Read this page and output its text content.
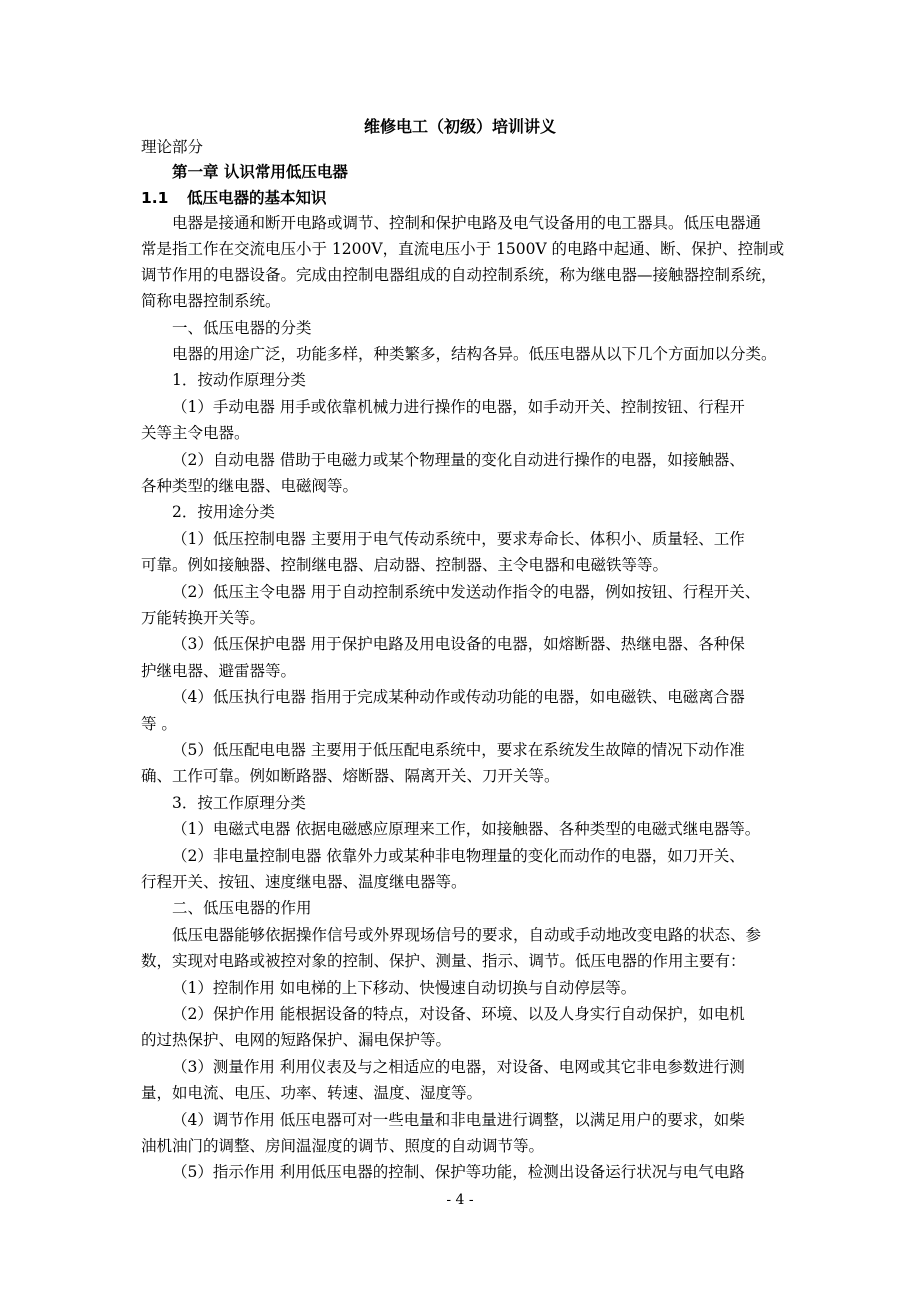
维修电工（初级）培训讲义
理论部分
第一章 认识常用低压电器
1.1 低压电器的基本知识
电器是接通和断开电路或调节、控制和保护电路及电气设备用的电工器具。低压电器通
常是指工作在交流电压小于 1200V，直流电压小于 1500V 的电路中起通、断、保护、控制或
调节作用的电器设备。完成由控制电器组成的自动控制系统，称为继电器—接触器控制系统，
简称电器控制系统。
一、低压电器的分类
电器的用途广泛，功能多样，种类繁多，结构各异。低压电器从以下几个方面加以分类。
1．按动作原理分类
（1）手动电器 用手或依靠机械力进行操作的电器，如手动开关、控制按钮、行程开
关等主令电器。
（2）自动电器 借助于电磁力或某个物理量的变化自动进行操作的电器，如接触器、
各种类型的继电器、电磁阀等。
2．按用途分类
（1）低压控制电器 主要用于电气传动系统中，要求寿命长、体积小、质量轻、工作
可靠。例如接触器、控制继电器、启动器、控制器、主令电器和电磁铁等等。
（2）低压主令电器 用于自动控制系统中发送动作指令的电器，例如按钮、行程开关、
万能转换开关等。
（3）低压保护电器 用于保护电路及用电设备的电器，如熔断器、热继电器、各种保
护继电器、避雷器等。
（4）低压执行电器 指用于完成某种动作或传动功能的电器，如电磁铁、电磁离合器
等 。
（5）低压配电电器 主要用于低压配电系统中，要求在系统发生故障的情况下动作准
确、工作可靠。例如断路器、熔断器、隔离开关、刀开关等。
3．按工作原理分类
（1）电磁式电器 依据电磁感应原理来工作，如接触器、各种类型的电磁式继电器等。
（2）非电量控制电器 依靠外力或某种非电物理量的变化而动作的电器，如刀开关、
行程开关、按钮、速度继电器、温度继电器等。
二、低压电器的作用
低压电器能够依据操作信号或外界现场信号的要求，自动或手动地改变电路的状态、参
数，实现对电路或被控对象的控制、保护、测量、指示、调节。低压电器的作用主要有：
（1）控制作用 如电梯的上下移动、快慢速自动切换与自动停层等。
（2）保护作用 能根据设备的特点，对设备、环境、以及人身实行自动保护，如电机
的过热保护、电网的短路保护、漏电保护等。
（3）测量作用 利用仪表及与之相适应的电器，对设备、电网或其它非电参数进行测
量，如电流、电压、功率、转速、温度、湿度等。
（4）调节作用 低压电器可对一些电量和非电量进行调整，以满足用户的要求，如柴
油机油门的调整、房间温湿度的调节、照度的自动调节等。
（5）指示作用 利用低压电器的控制、保护等功能，检测出设备运行状况与电气电路
- 4 -
